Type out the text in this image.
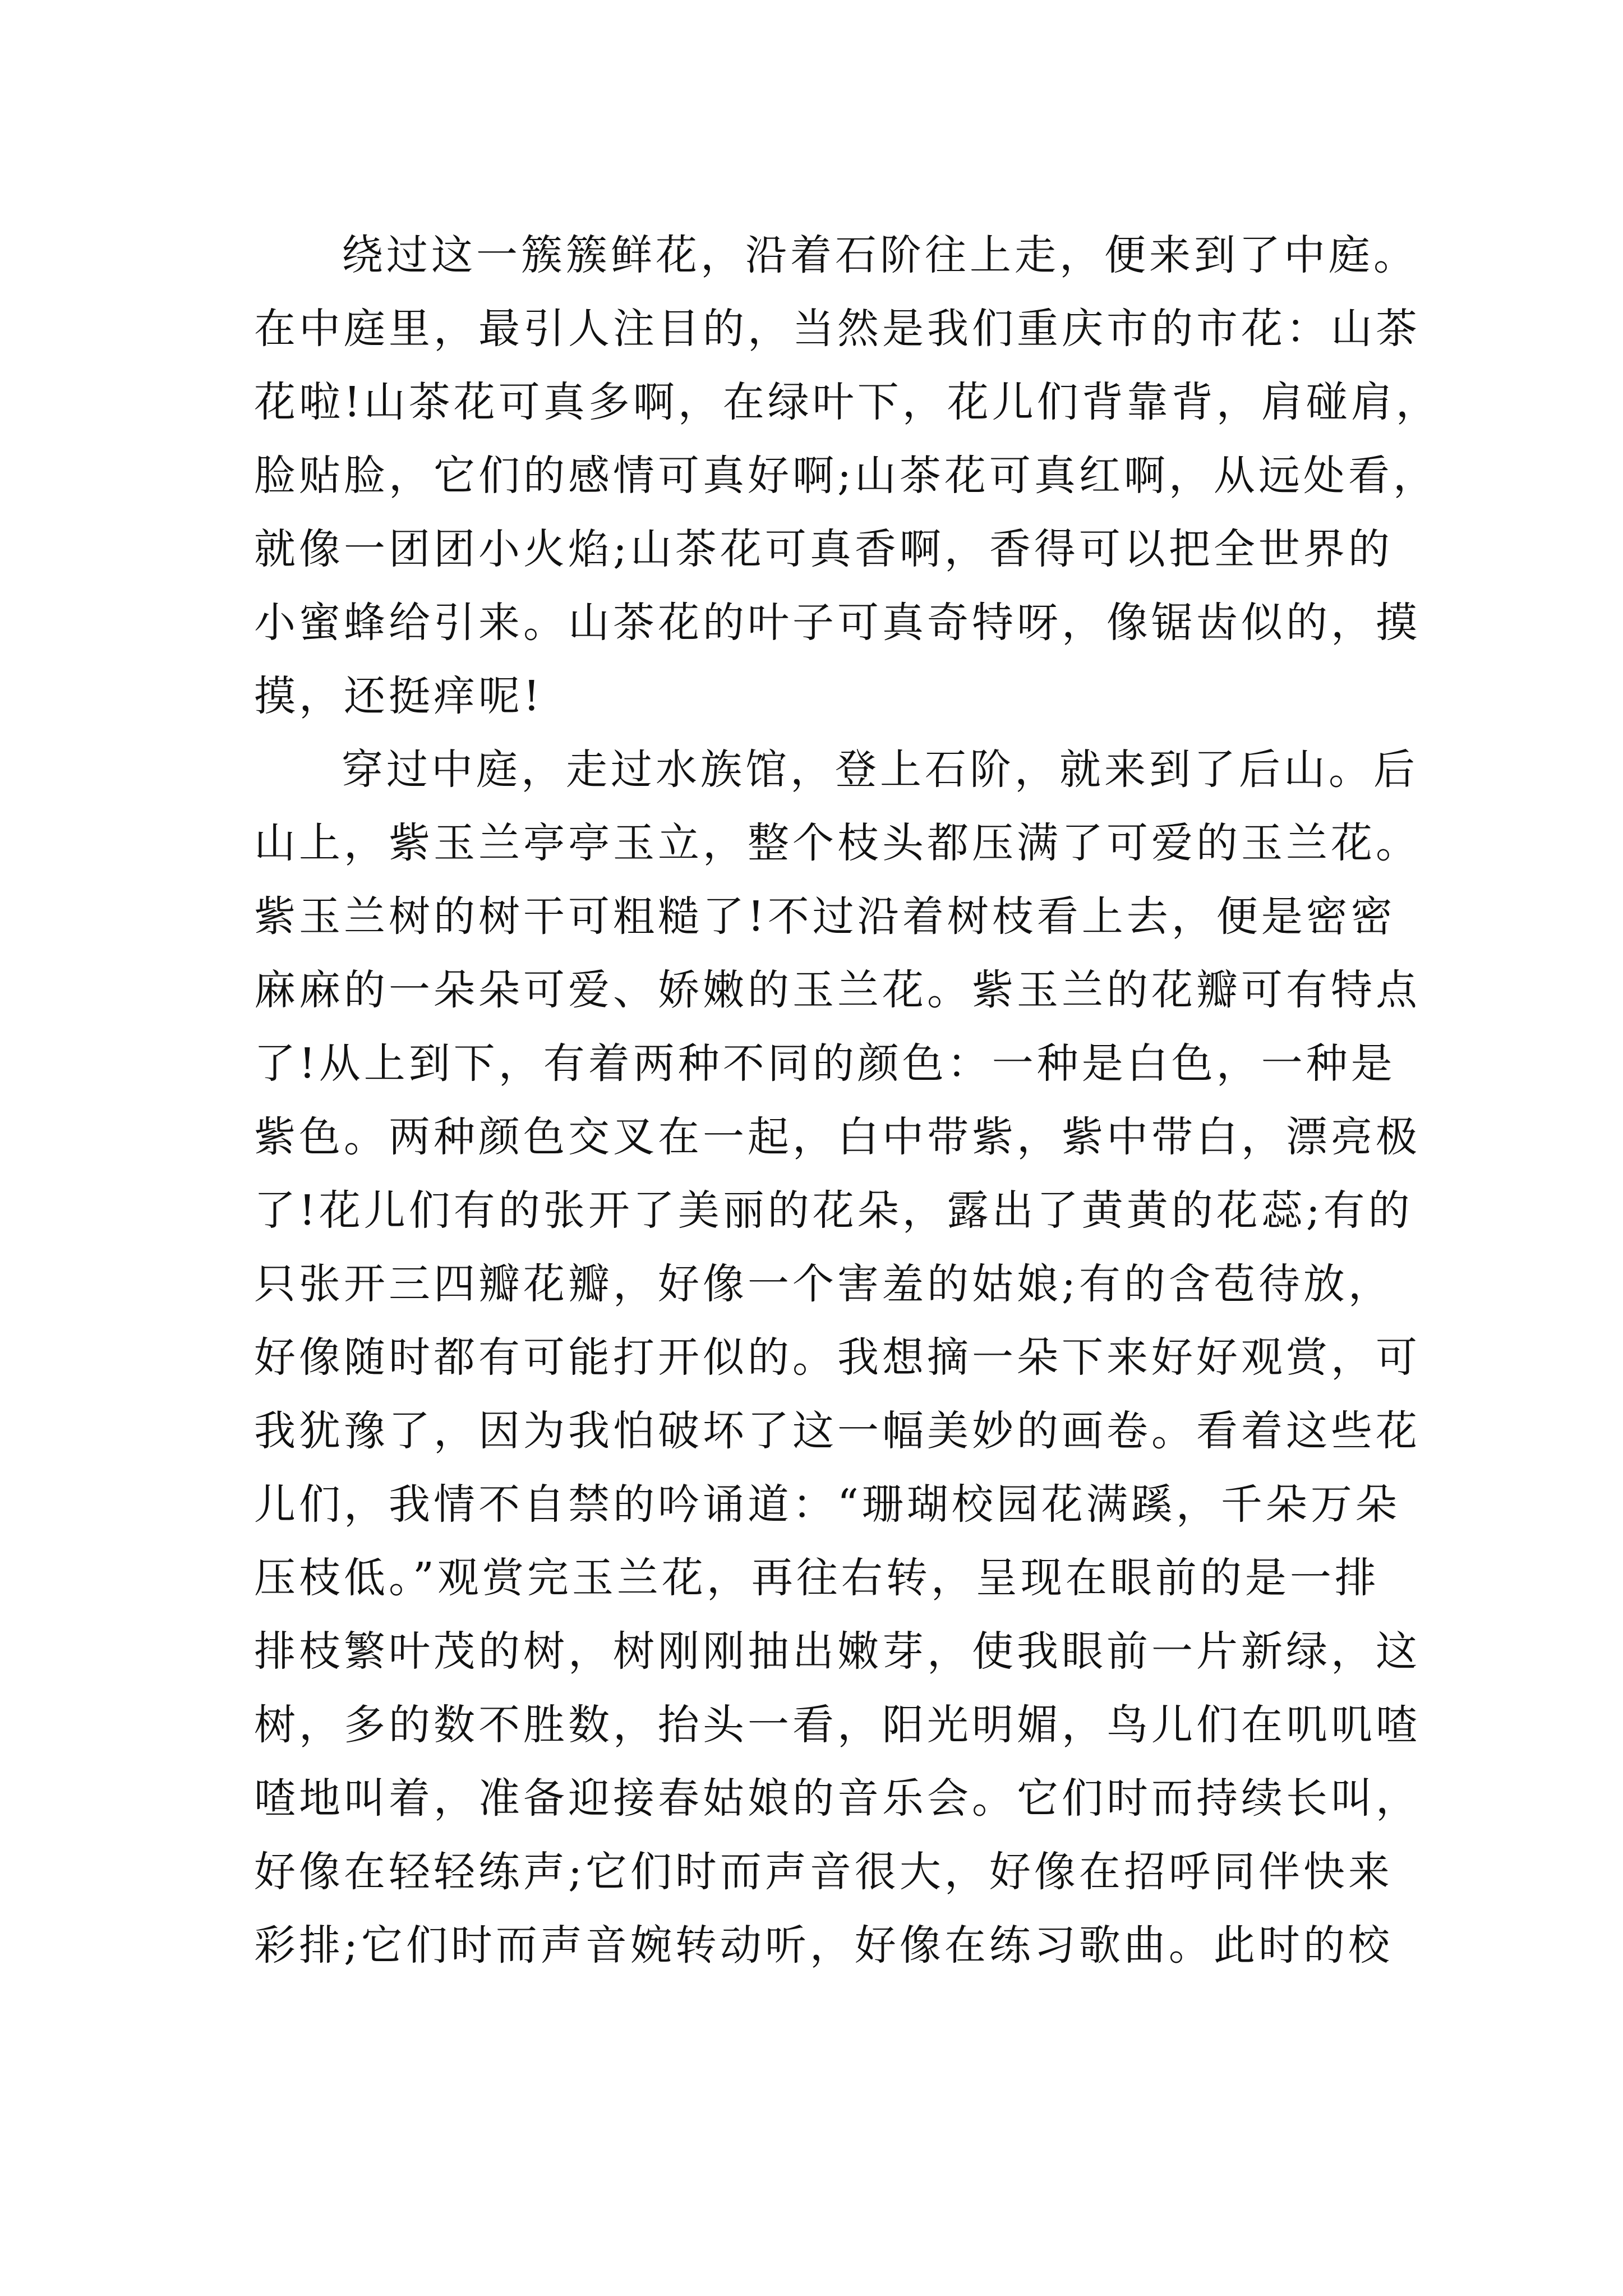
绕过这一簇簇鲜花，沿着石阶往上走，便来到了中庭。
在中庭里，最引人注目的，当然是我们重庆市的市花：山茶
花啦!山茶花可真多啊，在绿叶下，花儿们背靠背，肩碰肩，
脸贴脸，它们的感情可真好啊;山茶花可真红啊，从远处看，
就像一团团小火焰;山茶花可真香啊，香得可以把全世界的
小蜜蜂给引来。山茶花的叶子可真奇特呀，像锯齿似的，摸
摸，还挺痒呢!
穿过中庭，走过水族馆，登上石阶，就来到了后山。后
山上，紫玉兰亭亭玉立，整个枝头都压满了可爱的玉兰花。
紫玉兰树的树干可粗糙了!不过沿着树枝看上去，便是密密
麻麻的一朵朵可爱、娇嫩的玉兰花。紫玉兰的花瓣可有特点
了!从上到下，有着两种不同的颜色：一种是白色，一种是
紫色。两种颜色交叉在一起，白中带紫，紫中带白，漂亮极
了!花儿们有的张开了美丽的花朵，露出了黄黄的花蕊;有的
只张开三四瓣花瓣，好像一个害羞的姑娘;有的含苞待放，
好像随时都有可能打开似的。我想摘一朵下来好好观赏，可
我犹豫了，因为我怕破坏了这一幅美妙的画卷。看着这些花
儿们，我情不自禁的吟诵道：“珊瑚校园花满蹊，千朵万朵
压枝低。”观赏完玉兰花，再往右转，呈现在眼前的是一排
排枝繁叶茂的树，树刚刚抽出嫩芽，使我眼前一片新绿，这
树，多的数不胜数，抬头一看，阳光明媚，鸟儿们在叽叽喳
喳地叫着，准备迎接春姑娘的音乐会。它们时而持续长叫，
好像在轻轻练声;它们时而声音很大，好像在招呼同伴快来
彩排;它们时而声音婉转动听，好像在练习歌曲。此时的校
